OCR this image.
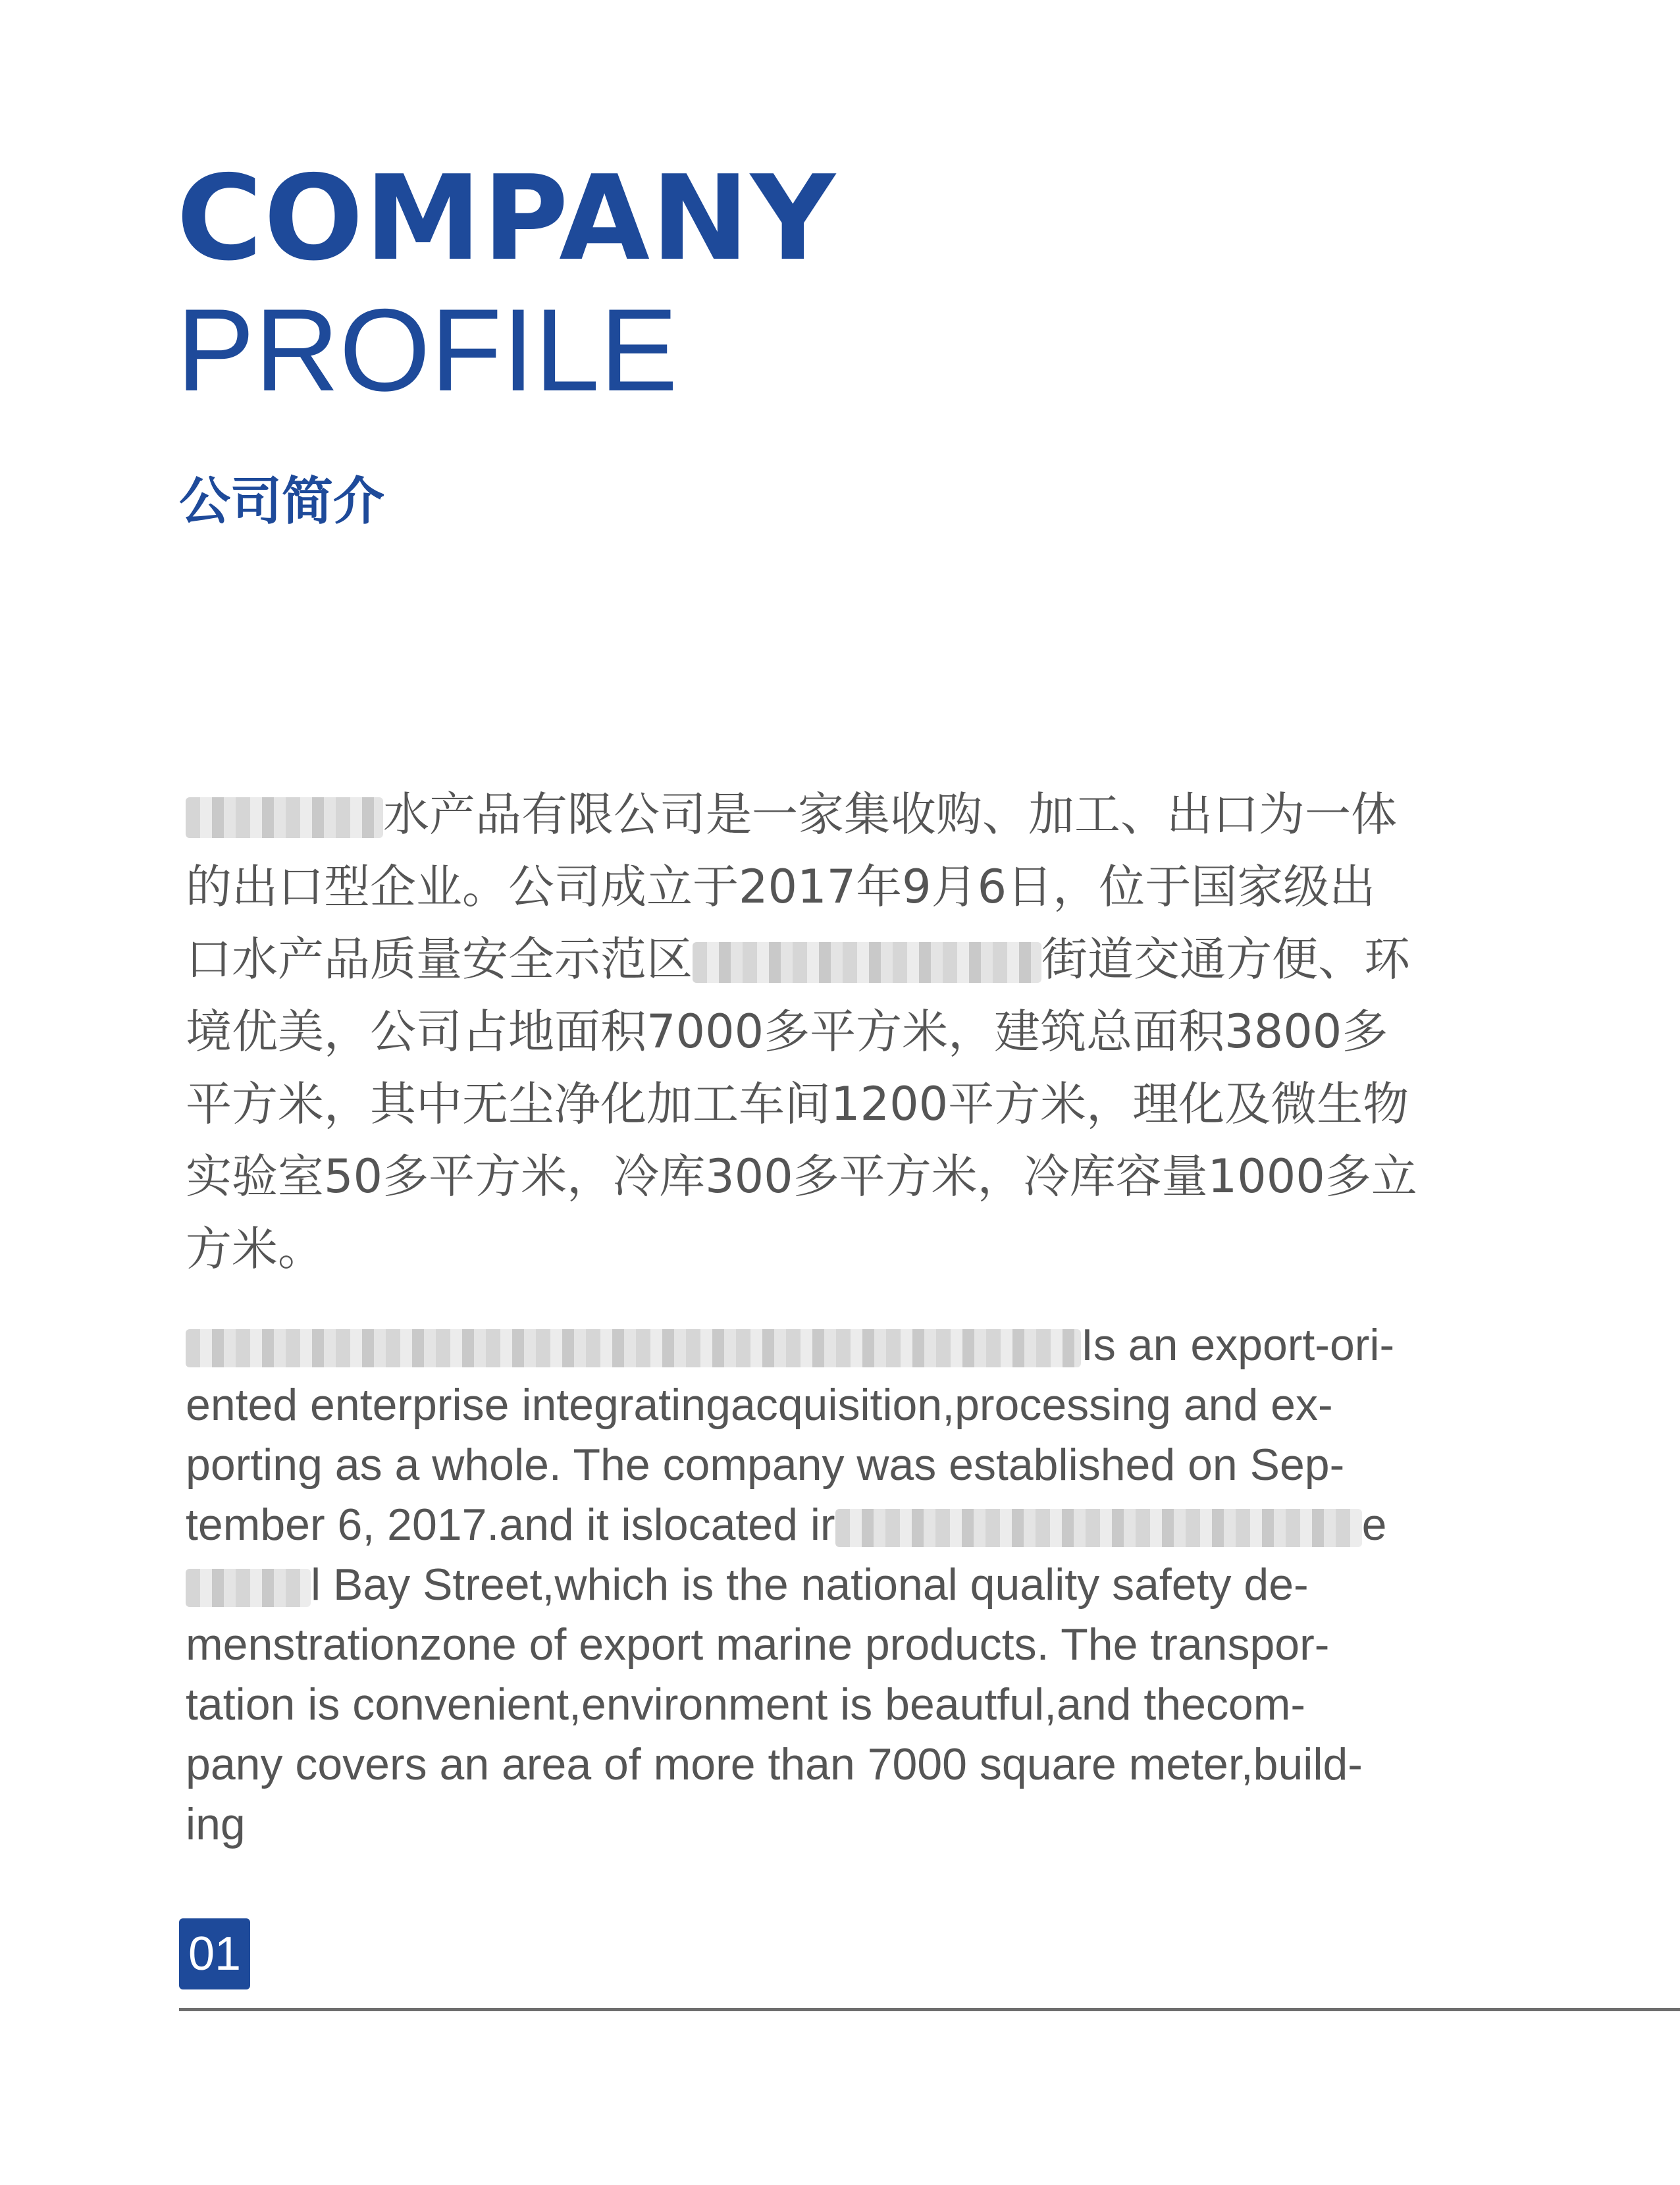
COMPANY
PROFILE
公司简介

水产品有限公司是一家集收购、加工、出口为一体
的出口型企业。公司成立于2017年9月6日，位于国家级出
口水产品质量安全示范区	街道交通方便、环
境优美，公司占地面积7000多平方米，建筑总面积3800多
平方米，其中无尘净化加工车间1200平方米，理化及微生物
实验室50多平方米，冷库300多平方米，冷库容量1000多立
方米。

Is an export-ori-
ented enterprise integratingacquisition,processing and ex-
porting as a whole. The company was established on Sep-
tember 6, 2017.and it islocated ir	e
l Bay Street,which is the national quality safety de-
menstrationzone of export marine products. The transpor-
tation is convenient,environment is beautful,and thecom-
pany covers an area of more than 7000 square meter,build-
ing

01
